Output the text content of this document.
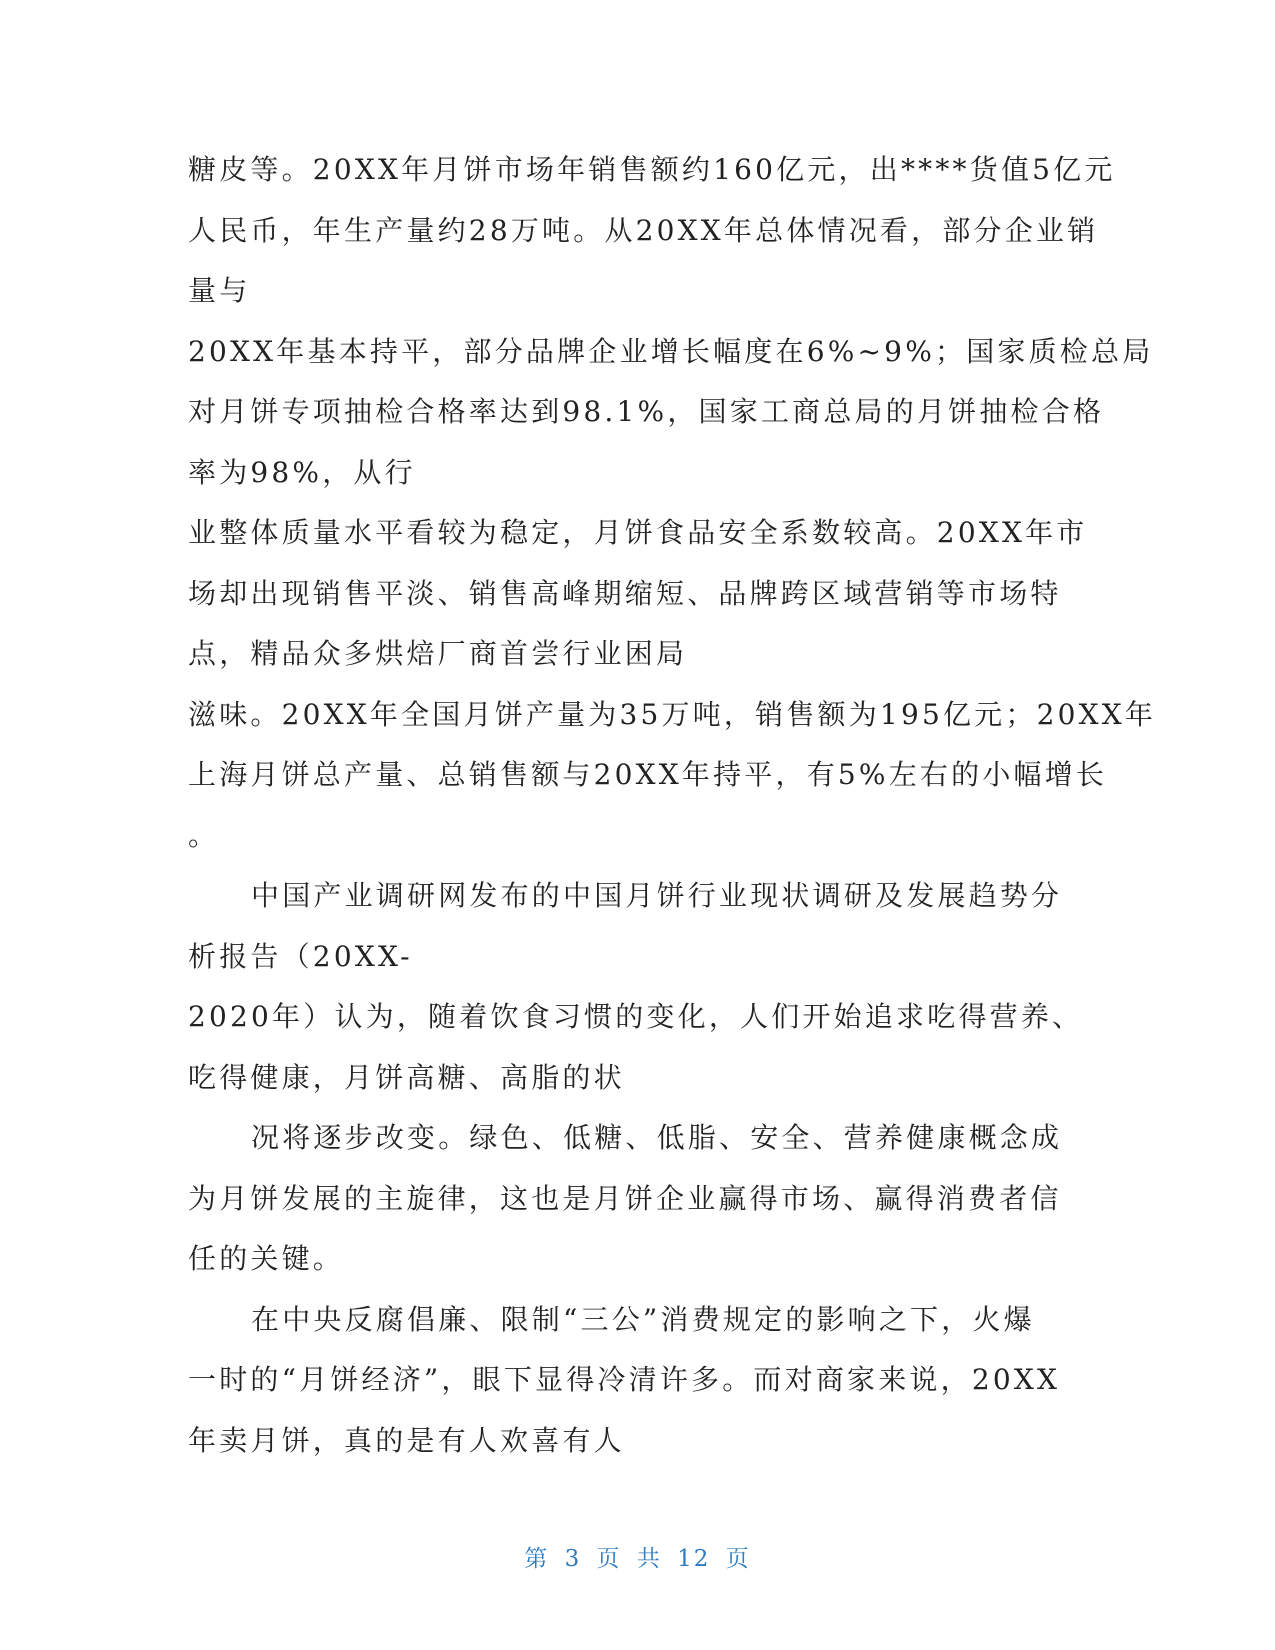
糖皮等。20XX年月饼市场年销售额约160亿元，出****货值5亿元
人民币，年生产量约28万吨。从20XX年总体情况看，部分企业销
量与
20XX年基本持平，部分品牌企业增长幅度在6%~9%；国家质检总局
对月饼专项抽检合格率达到98.1%，国家工商总局的月饼抽检合格
率为98%，从行
业整体质量水平看较为稳定，月饼食品安全系数较高。20XX年市
场却出现销售平淡、销售高峰期缩短、品牌跨区域营销等市场特
点，精品众多烘焙厂商首尝行业困局
滋味。20XX年全国月饼产量为35万吨，销售额为195亿元；20XX年
上海月饼总产量、总销售额与20XX年持平，有5%左右的小幅增长
。
中国产业调研网发布的中国月饼行业现状调研及发展趋势分
析报告（20XX-
2020年）认为，随着饮食习惯的变化，人们开始追求吃得营养、
吃得健康，月饼高糖、高脂的状
况将逐步改变。绿色、低糖、低脂、安全、营养健康概念成
为月饼发展的主旋律，这也是月饼企业赢得市场、赢得消费者信
任的关键。
在中央反腐倡廉、限制“三公”消费规定的影响之下，火爆
一时的“月饼经济”，眼下显得冷清许多。而对商家来说，20XX
年卖月饼，真的是有人欢喜有人
第 3 页 共 12 页
